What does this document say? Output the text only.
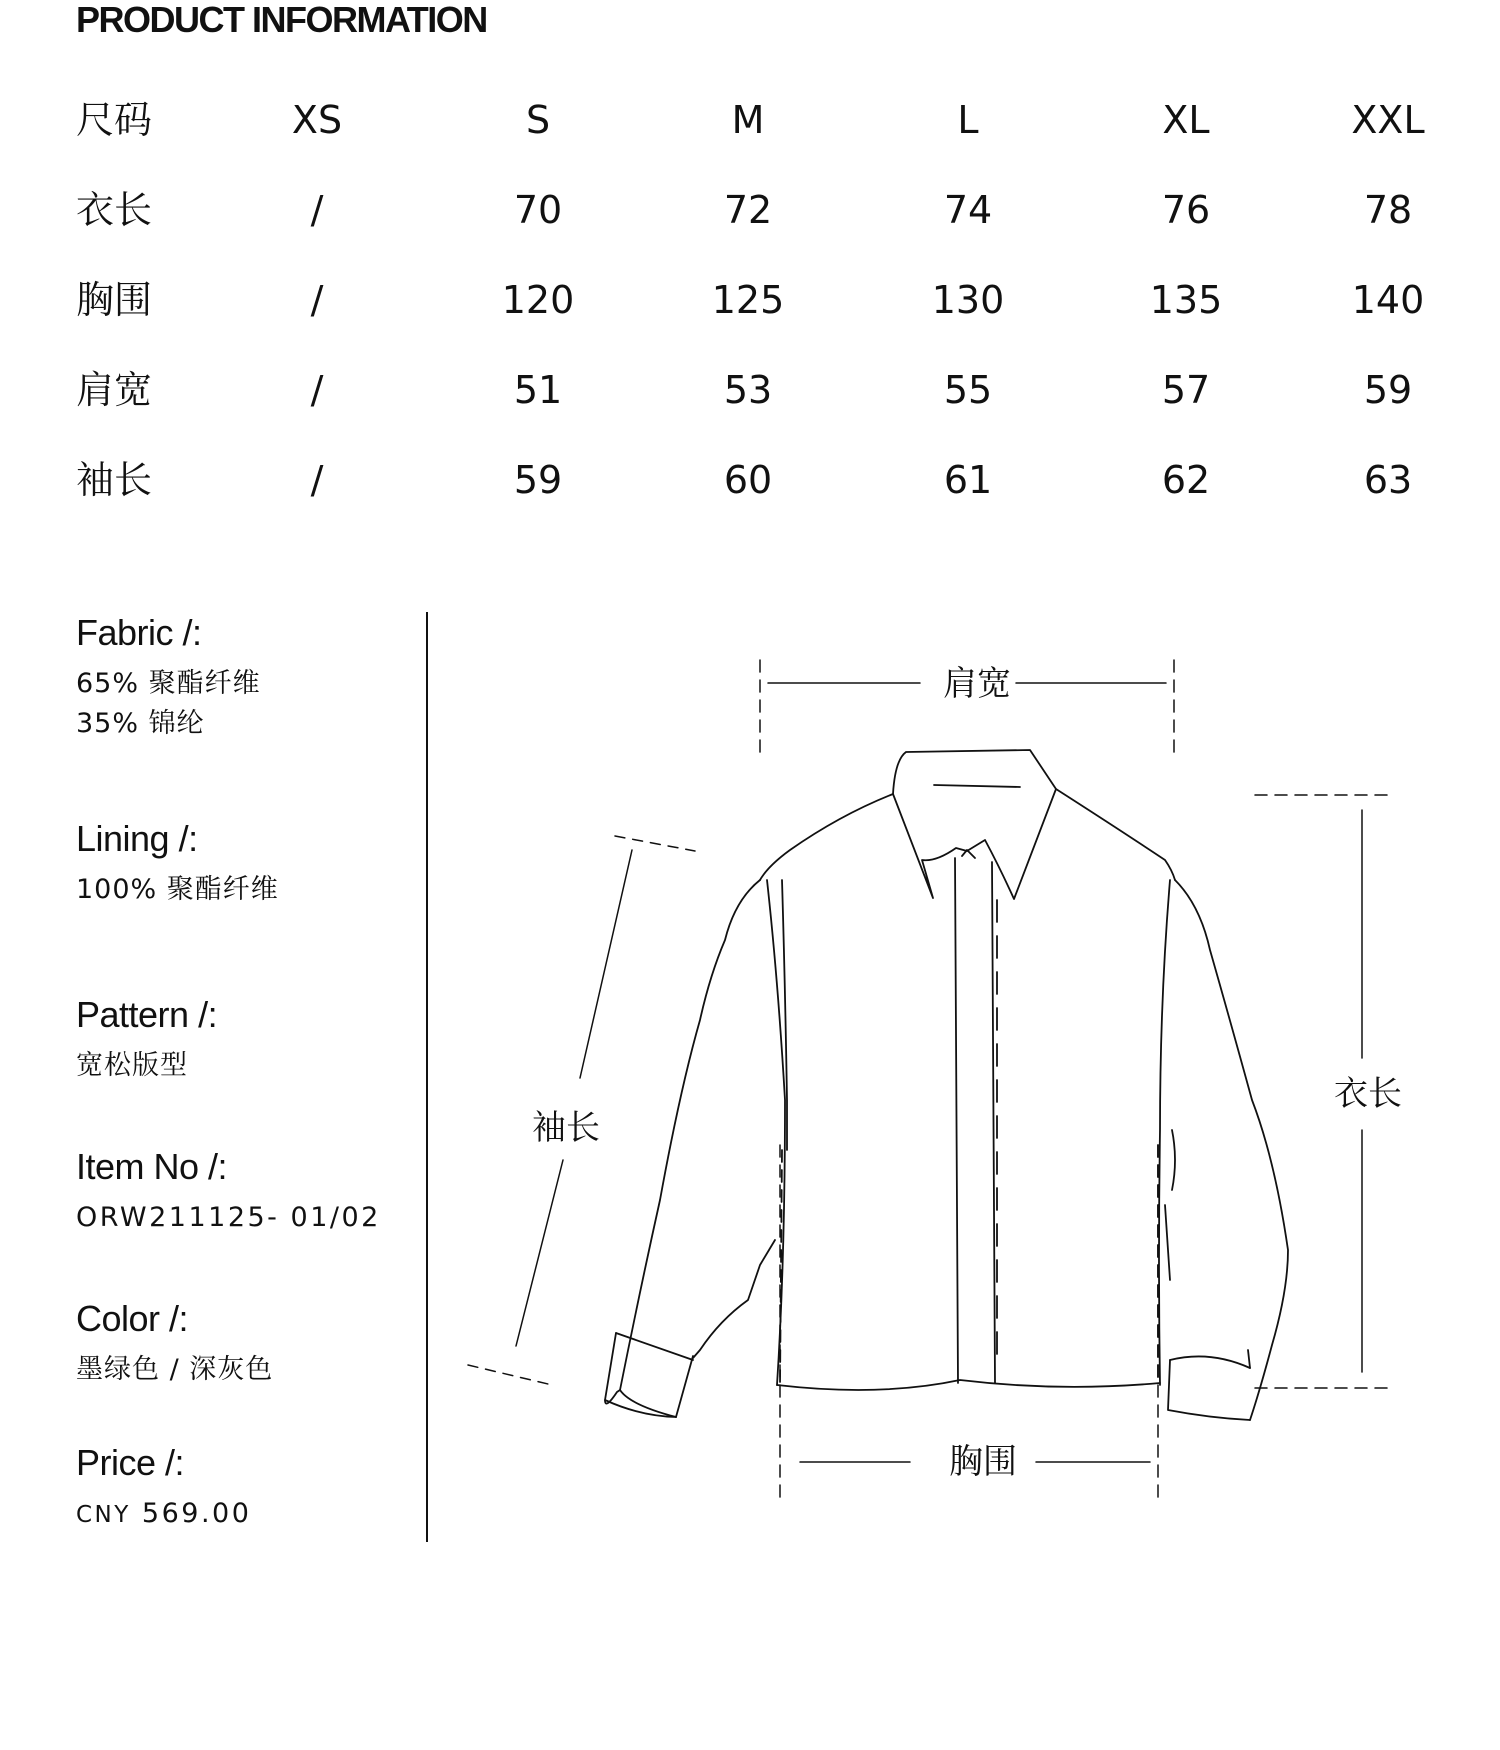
PRODUCT INFORMATION
尺码	XS	S	M	L	XL	XXL
衣长	/	70	72	74	76	78
胸围	/	120	125	130	135	140
肩宽	/	51	53	55	57	59
袖长	/	59	60	61	62	63
Fabric /:
65% 聚酯纤维
35% 锦纶
Lining /:
100% 聚酯纤维
Pattern /:
宽松版型
Item No /:
ORW211125- 01/02
Color /:
墨绿色 / 深灰色
Price /:
CNY 569.00
肩宽
衣长
袖长
胸围
